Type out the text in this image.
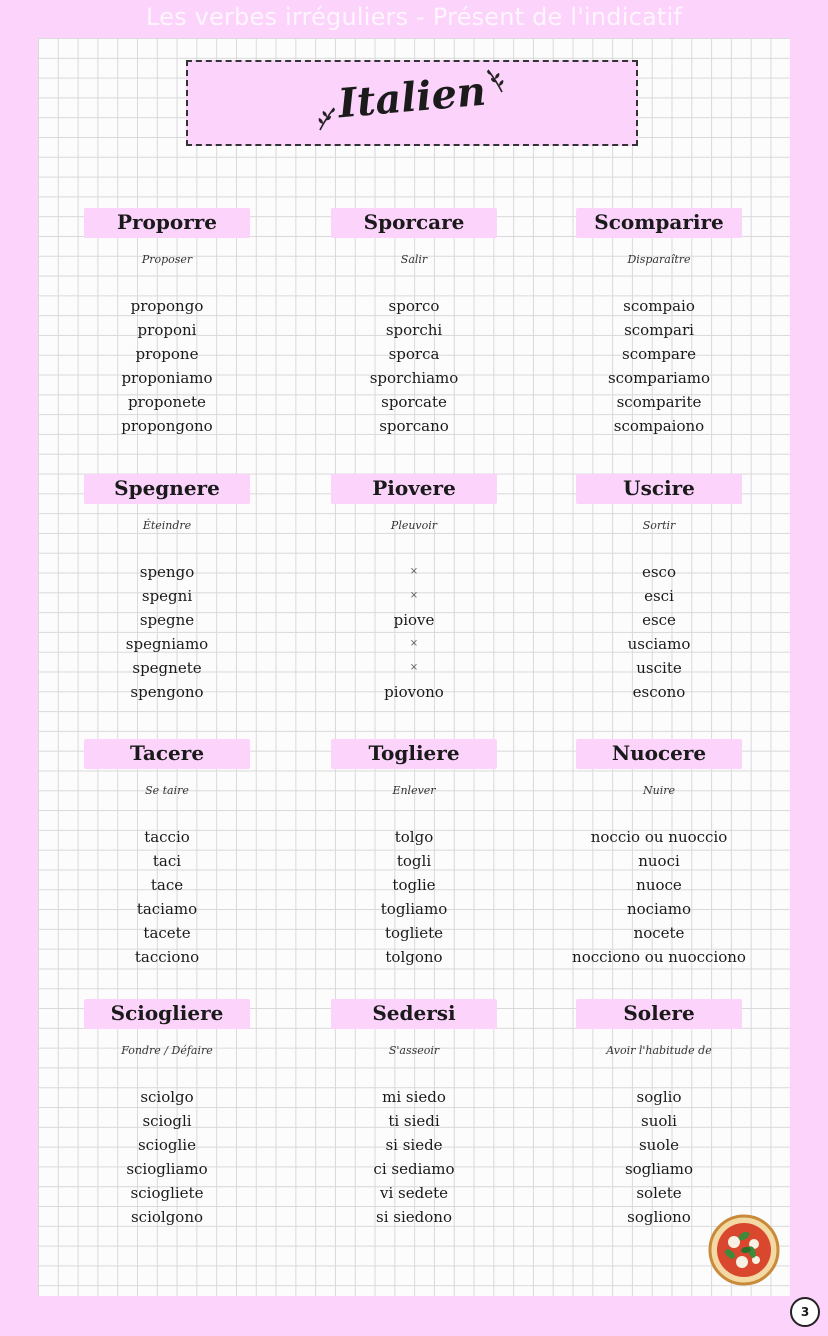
Les verbes irréguliers - Présent de l'indicatif
Italien
Proporre
Proposer
propongo
proponi
propone
proponiamo
proponete
propongono
Sporcare
Salir
sporco
sporchi
sporca
sporchiamo
sporcate
sporcano
Scomparire
Disparaître
scompaio
scompari
scompare
scompariamo
scomparite
scompaiono
Spegnere
Éteindre
spengo
spegni
spegne
spegniamo
spegnete
spengono
Piovere
Pleuvoir
×
×
piove
×
×
piovono
Uscire
Sortir
esco
esci
esce
usciamo
uscite
escono
Tacere
Se taire
taccio
taci
tace
taciamo
tacete
tacciono
Togliere
Enlever
tolgo
togli
toglie
togliamo
togliete
tolgono
Nuocere
Nuire
noccio ou nuoccio
nuoci
nuoce
nociamo
nocete
nocciono ou nuocciono
Sciogliere
Fondre / Défaire
sciolgo
sciogli
scioglie
sciogliamo
sciogliete
sciolgono
Sedersi
S'asseoir
mi siedo
ti siedi
si siede
ci sediamo
vi sedete
si siedono
Solere
Avoir l'habitude de
soglio
suoli
suole
sogliamo
solete
sogliono
3
